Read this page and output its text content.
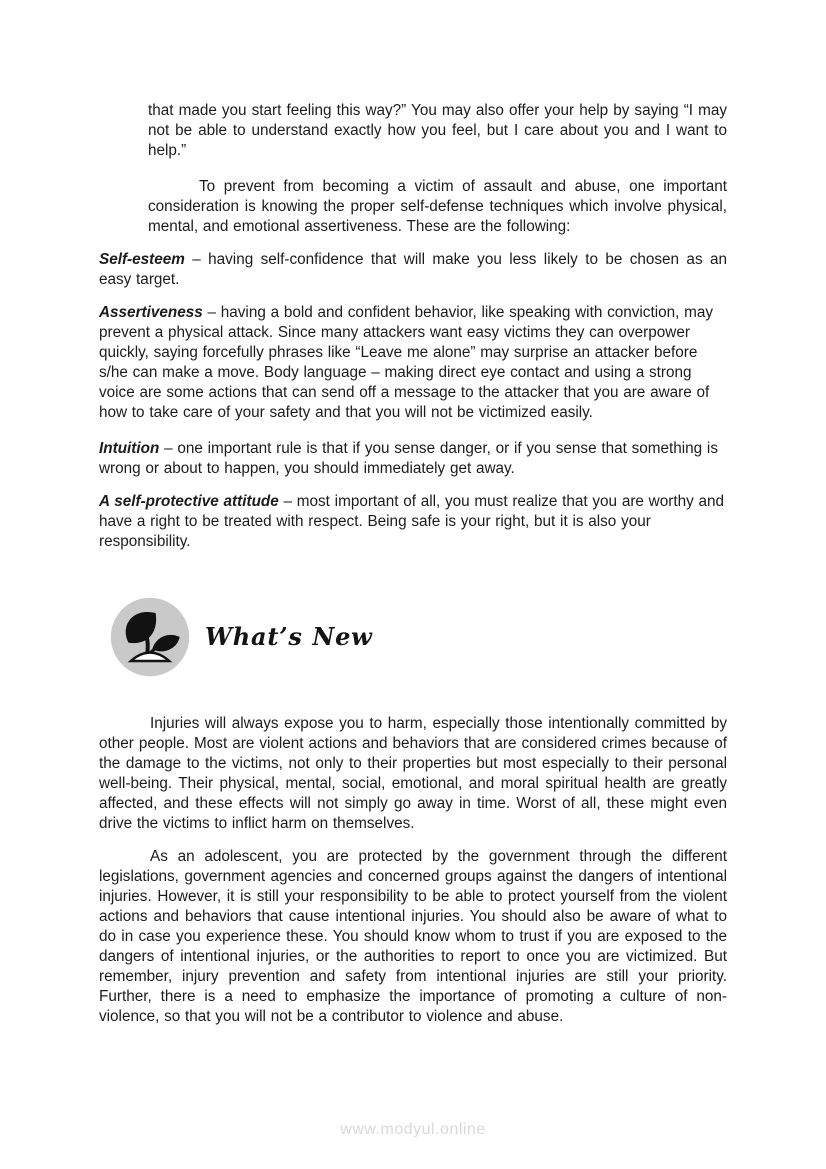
that made you start feeling this way?” You may also offer your help by saying “I may not be able to understand exactly how you feel, but I care about you and I want to help.”

To prevent from becoming a victim of assault and abuse, one important consideration is knowing the proper self-defense techniques which involve physical, mental, and emotional assertiveness. These are the following:

Self-esteem – having self-confidence that will make you less likely to be chosen as an easy target.

Assertiveness – having a bold and confident behavior, like speaking with conviction, may prevent a physical attack. Since many attackers want easy victims they can overpower quickly, saying forcefully phrases like “Leave me alone” may surprise an attacker before s/he can make a move. Body language – making direct eye contact and using a strong voice are some actions that can send off a message to the attacker that you are aware of how to take care of your safety and that you will not be victimized easily.

Intuition – one important rule is that if you sense danger, or if you sense that something is wrong or about to happen, you should immediately get away.

A self-protective attitude – most important of all, you must realize that you are worthy and have a right to be treated with respect. Being safe is your right, but it is also your responsibility.

What’s New

Injuries will always expose you to harm, especially those intentionally committed by other people. Most are violent actions and behaviors that are considered crimes because of the damage to the victims, not only to their properties but most especially to their personal well-being. Their physical, mental, social, emotional, and moral spiritual health are greatly affected, and these effects will not simply go away in time. Worst of all, these might even drive the victims to inflict harm on themselves.

As an adolescent, you are protected by the government through the different legislations, government agencies and concerned groups against the dangers of intentional injuries. However, it is still your responsibility to be able to protect yourself from the violent actions and behaviors that cause intentional injuries. You should also be aware of what to do in case you experience these. You should know whom to trust if you are exposed to the dangers of intentional injuries, or the authorities to report to once you are victimized. But remember, injury prevention and safety from intentional injuries are still your priority. Further, there is a need to emphasize the importance of promoting a culture of non-violence, so that you will not be a contributor to violence and abuse.

www.modyul.online
